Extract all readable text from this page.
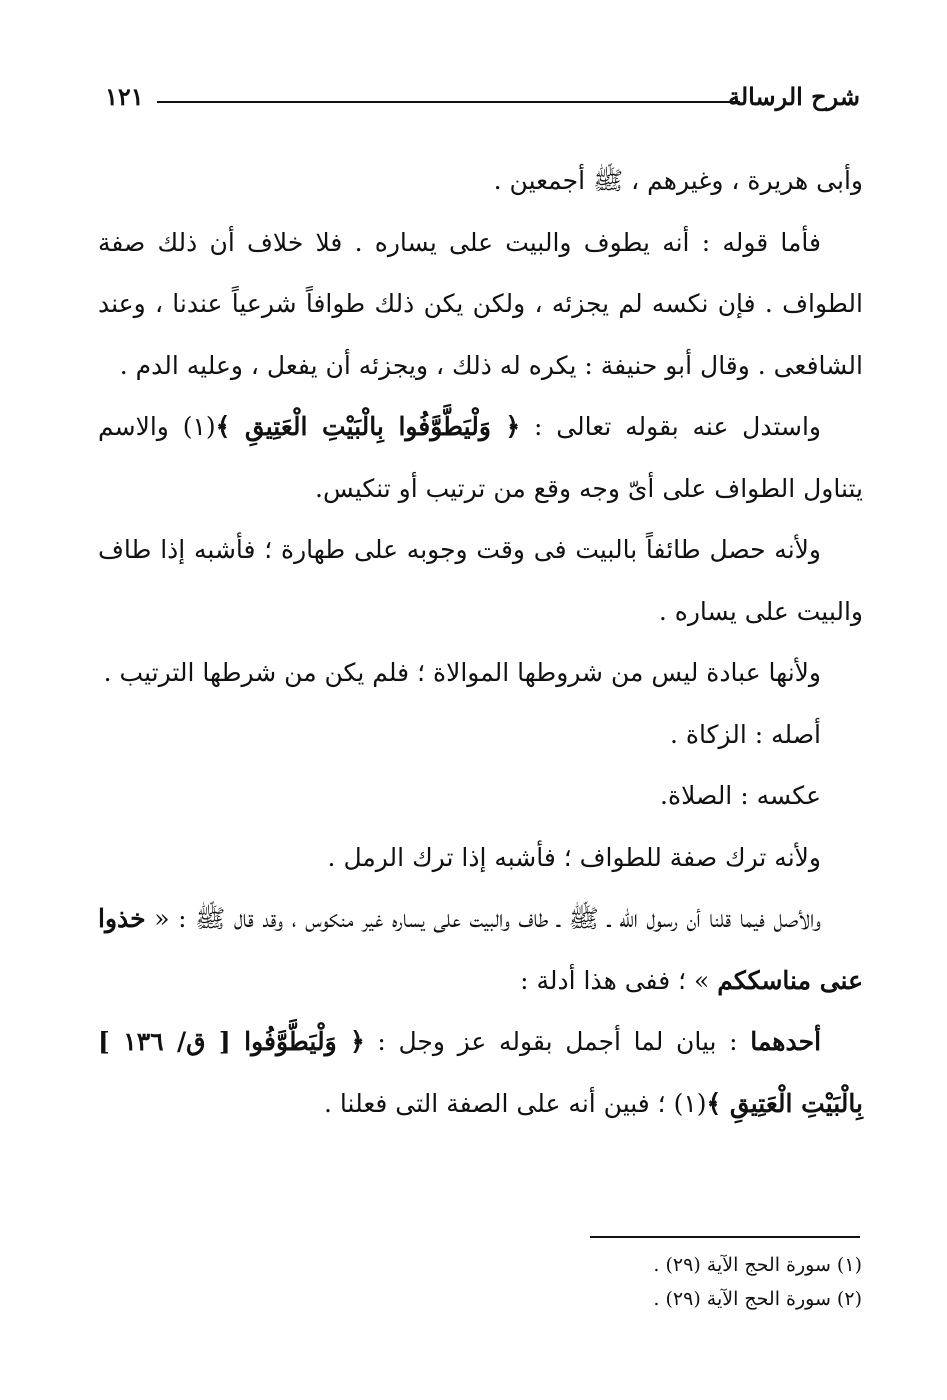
شرح الرسالة
١٢١

وأبى هريرة ، وغيرهم ، ﷺ أجمعين .

فأما قوله : أنه يطوف والبيت على يساره . فلا خلاف أن ذلك صفة الطواف . فإن نكسه لم يجزئه ، ولكن يكن ذلك طوافاً شرعياً عندنا ، وعند الشافعى . وقال أبو حنيفة : يكره له ذلك ، ويجزئه أن يفعل ، وعليه الدم .

واستدل عنه بقوله تعالى : ﴿ وَلْيَطَّوَّفُوا بِالْبَيْتِ الْعَتِيقِ ﴾(١) والاسم يتناول الطواف على أىّ وجه وقع من ترتيب أو تنكيس.

ولأنه حصل طائفاً بالبيت فى وقت وجوبه على طهارة ؛ فأشبه إذا طاف والبيت على يساره .

ولأنها عبادة ليس من شروطها الموالاة ؛ فلم يكن من شرطها الترتيب .

أصله : الزكاة .

عكسه : الصلاة.

ولأنه ترك صفة للطواف ؛ فأشبه إذا ترك الرمل .

والأصل فيما قلنا أن رسول الله ـ ﷺ ـ طاف والبيت على يساره غير منكوس ، وقد قال ﷺ : « خذوا عنى مناسككم » ؛ ففى هذا أدلة :

أحدهما : بيان لما أجمل بقوله عز وجل : ﴿ وَلْيَطَّوَّفُوا [ ق/ ١٣٦ ] بِالْبَيْتِ الْعَتِيقِ ﴾(١) ؛ فبين أنه على الصفة التى فعلنا .

(١) سورة الحج الآية (٢٩) .
(٢) سورة الحج الآية (٢٩) .
